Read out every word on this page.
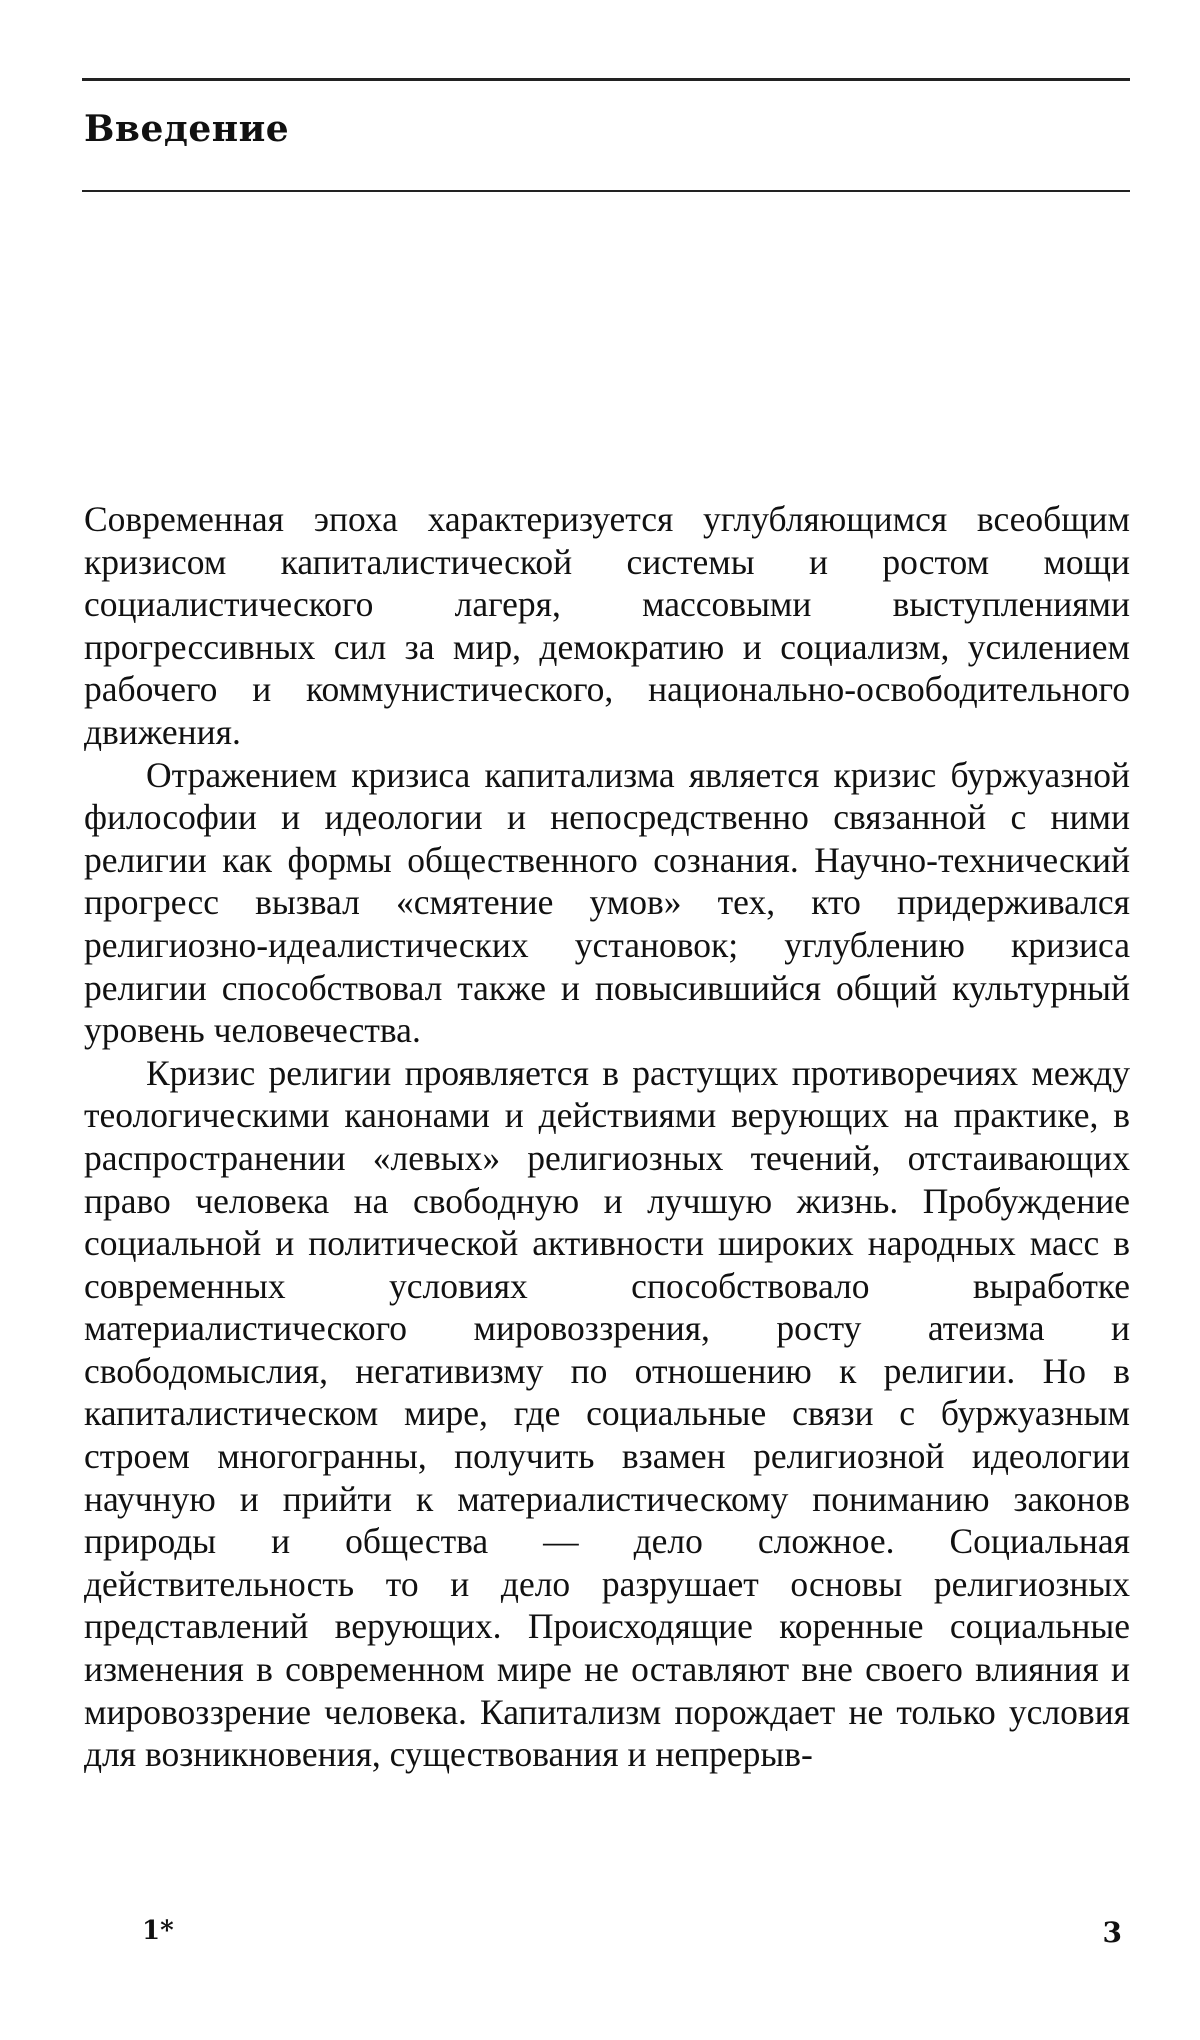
Введение

Современная эпоха характеризуется углубляющимся всеобщим кризисом капиталистической системы и ростом мощи социалистического лагеря, массовыми выступлениями прогрессивных сил за мир, демократию и социализм, усилением рабочего и коммунистического, национально-освободительного движения.

Отражением кризиса капитализма является кризис буржуазной философии и идеологии и непосредственно связанной с ними религии как формы общественного сознания. Научно-технический прогресс вызвал «смятение умов» тех, кто придерживался религиозно-идеалистических установок; углублению кризиса религии способствовал также и повысившийся общий культурный уровень человечества.

Кризис религии проявляется в растущих противоречиях между теологическими канонами и действиями верующих на практике, в распространении «левых» религиозных течений, отстаивающих право человека на свободную и лучшую жизнь. Пробуждение социальной и политической активности широких народных масс в современных условиях способствовало выработке материалистического мировоззрения, росту атеизма и свободомыслия, негативизму по отношению к религии. Но в капиталистическом мире, где социальные связи с буржуазным строем многогранны, получить взамен религиозной идеологии научную и прийти к материалистическому пониманию законов природы и общества — дело сложное. Социальная действительность то и дело разрушает основы религиозных представлений верующих. Происходящие коренные социальные изменения в современном мире не оставляют вне своего влияния и мировоззрение человека. Капитализм порождает не только условия для возникновения, существования и непрерыв-

1*	3
